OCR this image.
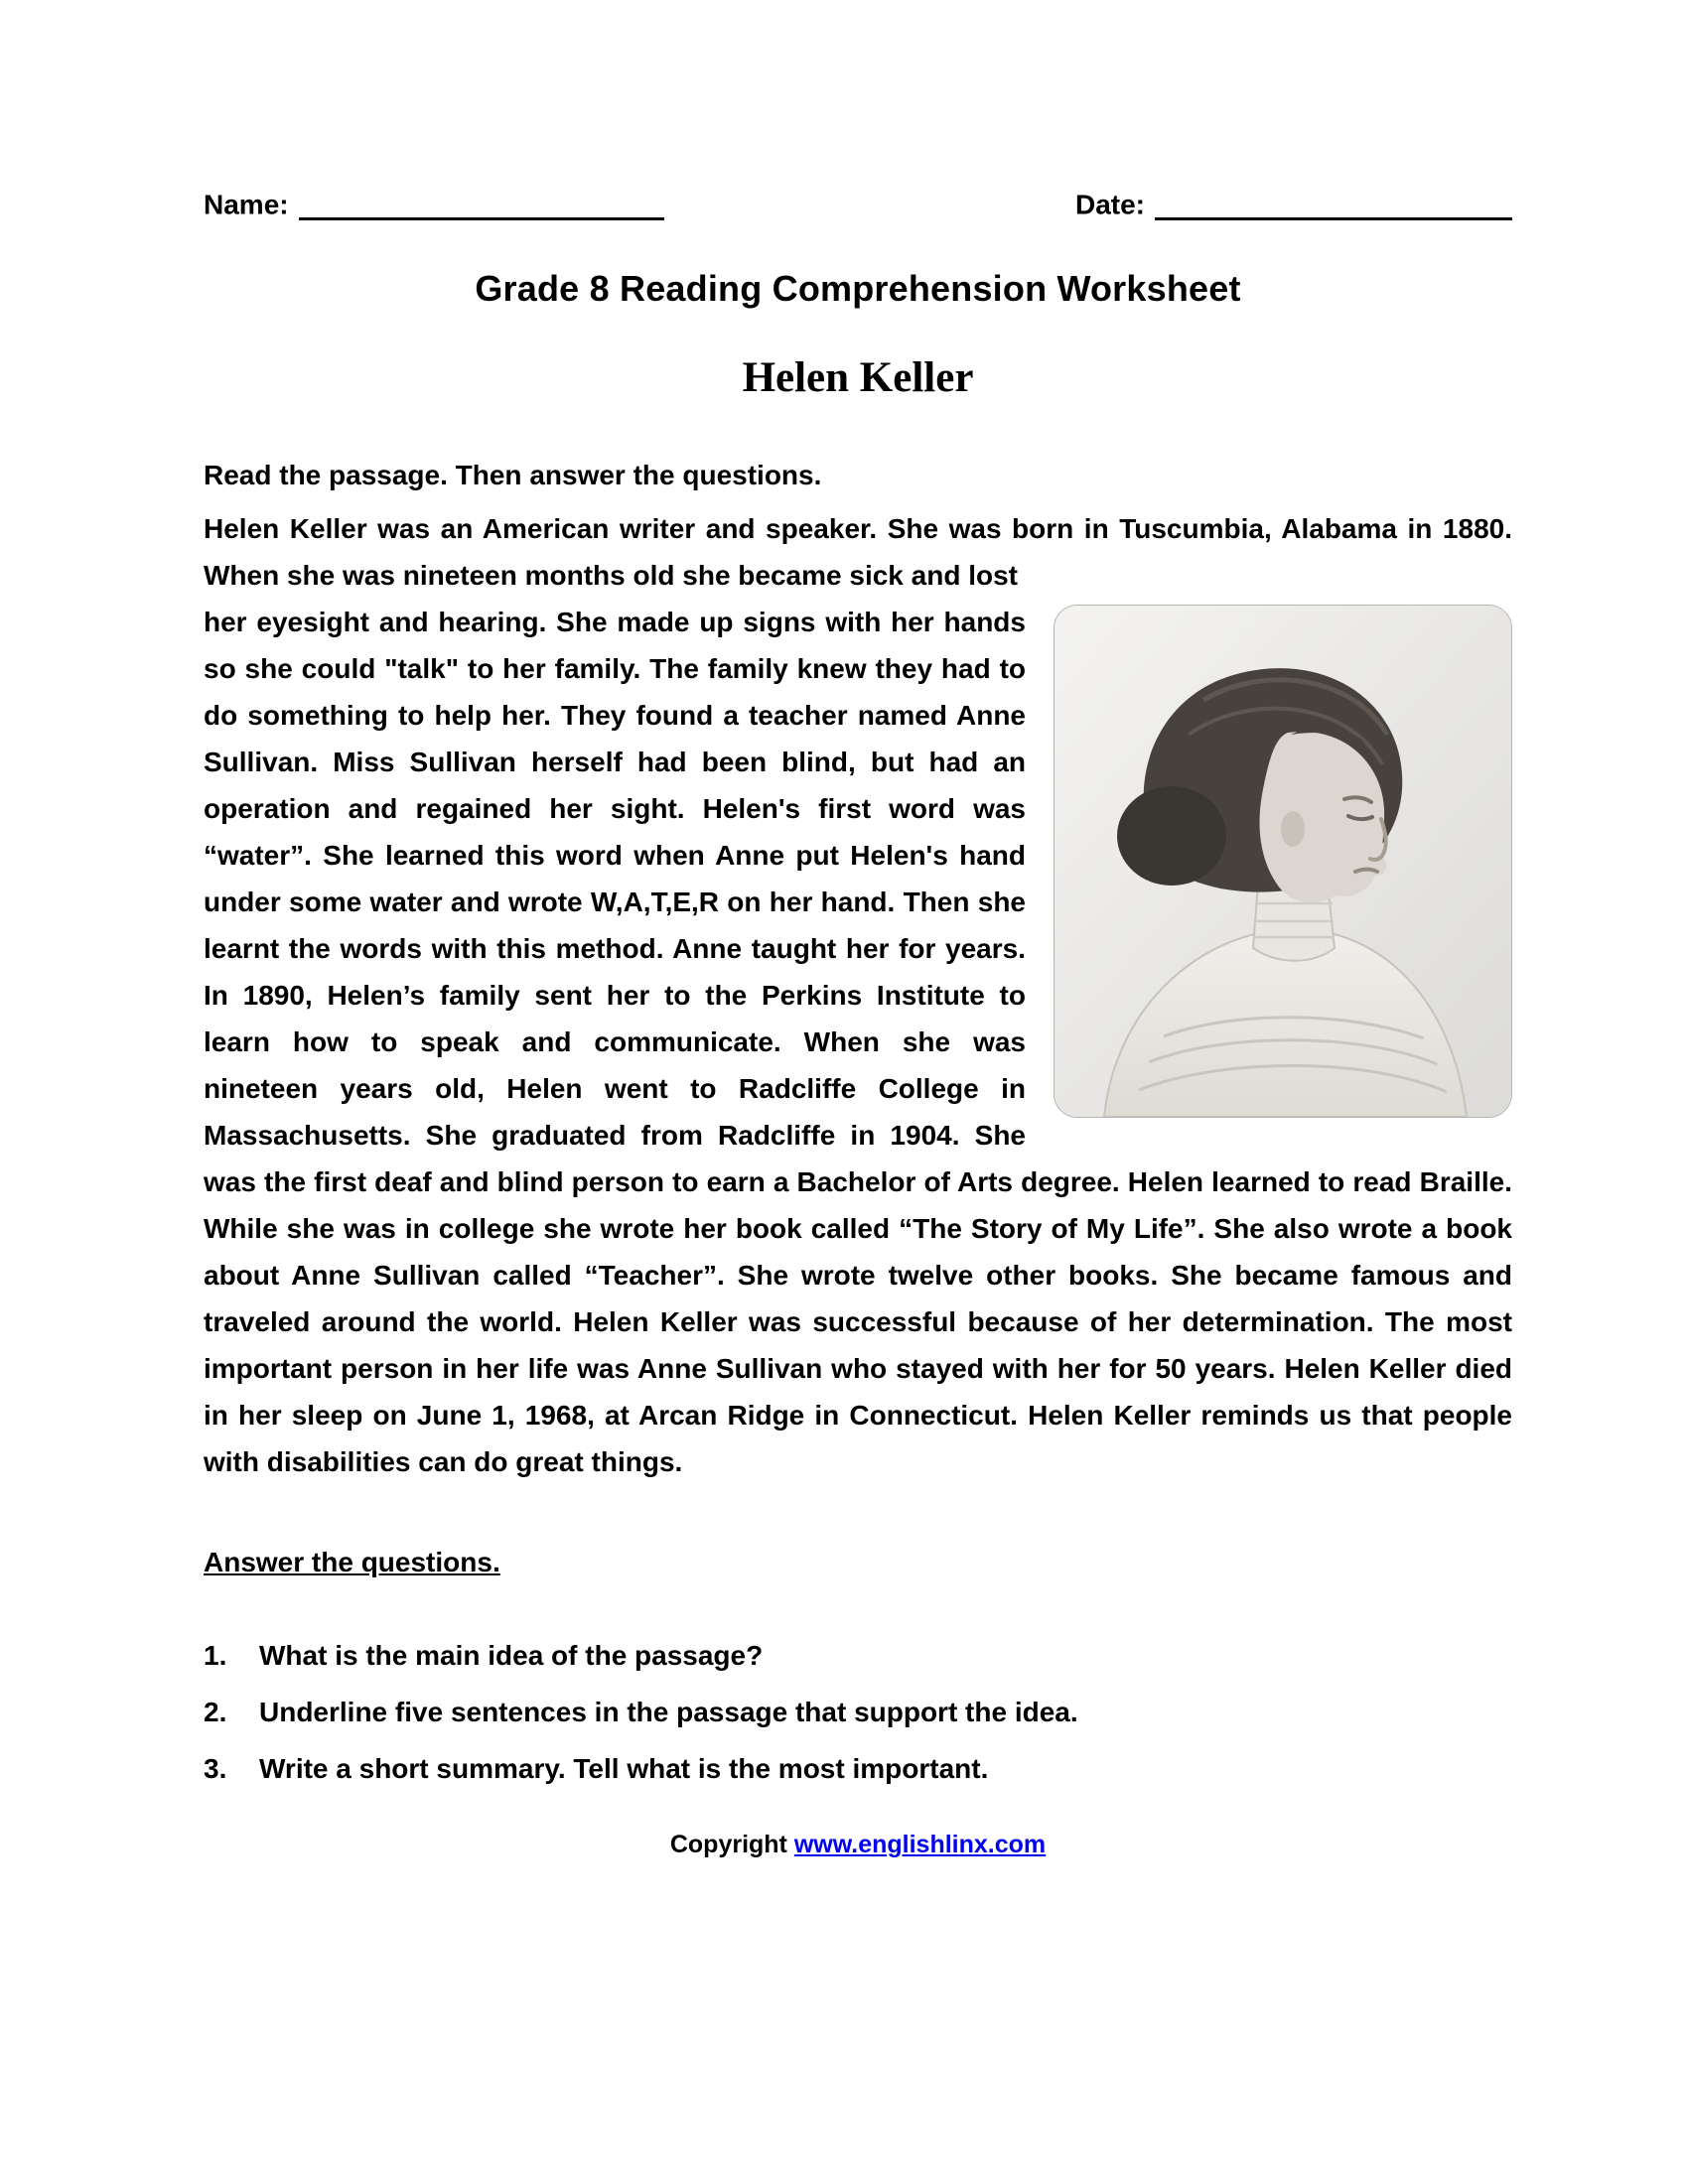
Name:	Date:
Grade 8 Reading Comprehension Worksheet
Helen Keller
Read the passage. Then answer the questions.

Helen Keller was an American writer and speaker. She was born in Tuscumbia, Alabama in 1880. When she was nineteen months old she became sick and lost

her eyesight and hearing. She made up signs with her hands so she could "talk" to her family. The family knew they had to do something to help her. They found a teacher named Anne Sullivan. Miss Sullivan herself had been blind, but had an operation and regained her sight. Helen's first word was “water”. She learned this word when Anne put Helen's hand under some water and wrote W,A,T,E,R on her hand. Then she learnt the words with this method. Anne taught her for years. In 1890, Helen’s family sent her to the Perkins Institute to learn how to speak and communicate. When she was nineteen years old, Helen went to Radcliffe College in Massachusetts. She graduated from Radcliffe in 1904. She was the first deaf and blind person to earn a Bachelor of Arts degree. Helen learned to read Braille. While she was in college she wrote her book called “The Story of My Life”. She also wrote a book about Anne Sullivan called “Teacher”. She wrote twelve other books. She became famous and traveled around the world. Helen Keller was successful because of her determination. The most important person in her life was Anne Sullivan who stayed with her for 50 years. Helen Keller died in her sleep on June 1, 1968, at Arcan Ridge in Connecticut. Helen Keller reminds us that people with disabilities can do great things.

Answer the questions.
1.	What is the main idea of the passage?
2.	Underline five sentences in the passage that support the idea.
3.	Write a short summary. Tell what is the most important.
Copyright www.englishlinx.com
